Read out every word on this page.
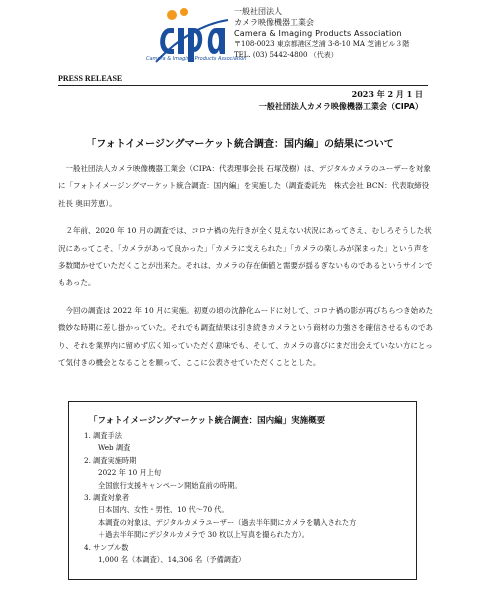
Camera & Imaging Products Association
一般社団法人
カメラ映像機器工業会
Camera & Imaging Products Association
〒108-0023 東京都港区芝浦 3-8-10 MA 芝浦ビル３階
TEL. (03) 5442-4800 （代表）
PRESS RELEASE
2023 年 2 月 1 日
一般社団法人カメラ映像機器工業会（CIPA）
「フォトイメージングマーケット統合調査：国内編」の結果について

一般社団法人カメラ映像機器工業会（CIPA：代表理事会長 石塚茂樹）は、デジタルカメラのユーザーを対象に「フォトイメージングマーケット統合調査：国内編」を実施した（調査委託先　株式会社 BCN：代表取締役社長 奥田芳恵）。

２年前、2020 年 10 月の調査では、コロナ禍の先行きが全く見えない状況にあってさえ、むしろそうした状況にあってこそ、「カメラがあって良かった」「カメラに支えられた」「カメラの楽しみが深まった」という声を多数聞かせていただくことが出来た。それは、カメラの存在価値と需要が揺るぎないものであるというサインでもあった。

今回の調査は 2022 年 10 月に実施。初夏の頃の沈静化ムードに対して、コロナ禍の影が再びちらつき始めた微妙な時期に差し掛かっていた。それでも調査結果は引き続きカメラという商材の力強さを確信させるものであり、それを業界内に留めず広く知っていただく意味でも、そして、カメラの喜びにまだ出会えていない方にとって気付きの機会となることを願って、ここに公表させていただくこととした。

「フォトイメージングマーケット統合調査：国内編」実施概要
1. 調査手法
Web 調査
2. 調査実施時期
2022 年 10 月上旬
全国旅行支援キャンペーン開始直前の時期。
3. 調査対象者
日本国内、女性・男性、10 代〜70 代。
本調査の対象は、デジタルカメラユーザー（過去半年間にカメラを購入された方
＋過去半年間にデジタルカメラで 30 枚以上写真を撮られた方）。
4. サンプル数
1,000 名（本調査）、14,306 名（予備調査）
